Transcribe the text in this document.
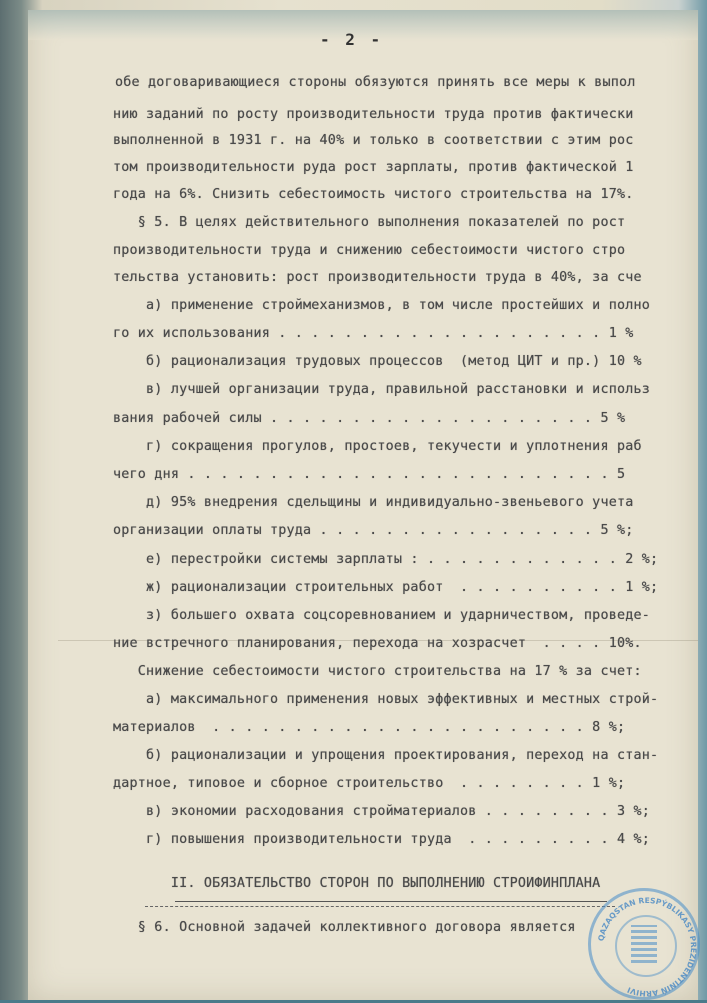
- 2 -
обе договаривающиеся стороны обязуются принять все меры к выпол
нию заданий по росту производительности труда против фактически
выполненной в 1931 г. на 40% и только в соответствии с этим рос
том производительности руда рост зарплаты, против фактической 1
года на 6%. Снизить себестоимость чистого строительства на 17%.
§ 5. В целях действительного выполнения показателей по рост
производительности труда и снижению себестоимости чистого стро
тельства установить: рост производительности труда в 40%, за сче
а) применение строймеханизмов, в том числе простейших и полно
го их использования . . . . . . . . . . . . . . . . . . . . 1 %
б) рационализация трудовых процессов  (метод ЦИТ и пр.) 10 %
в) лучшей организации труда, правильной расстановки и использ
вания рабочей силы . . . . . . . . . . . . . . . . . . . . 5 %
г) сокращения прогулов, простоев, текучести и уплотнения раб
чего дня . . . . . . . . . . . . . . . . . . . . . . . . . . 5
д) 95% внедрения сдельщины и индивидуально-звеньевого учета
организации оплаты труда . . . . . . . . . . . . . . . . . 5 %;
е) перестройки системы зарплаты : . . . . . . . . . . . . 2 %;
ж) рационализации строительных работ  . . . . . . . . . . 1 %;
з) большего охвата соцсоревнованием и ударничеством, проведе-
ние встречного планирования, перехода на хозрасчет  . . . . 10%.
Снижение себестоимости чистого строительства на 17 % за счет:
а) максимального применения новых эффективных и местных строй-
материалов  . . . . . . . . . . . . . . . . . . . . . . . 8 %;
б) рационализации и упрощения проектирования, переход на стан-
дартное, типовое и сборное строительство  . . . . . . . . 1 %;
в) экономии расходования стройматериалов . . . . . . . . 3 %;
г) повышения производительности труда  . . . . . . . . . 4 %;
II. ОБЯЗАТЕЛЬСТВО СТОРОН ПО ВЫПОЛНЕНИЮ СТРОЙФИНПЛАНА
§ 6. Основной задачей коллективного договора является
QAZAQSTAN RESPÝBLIKASY PREZIDENTINIŃ ARHIVI
